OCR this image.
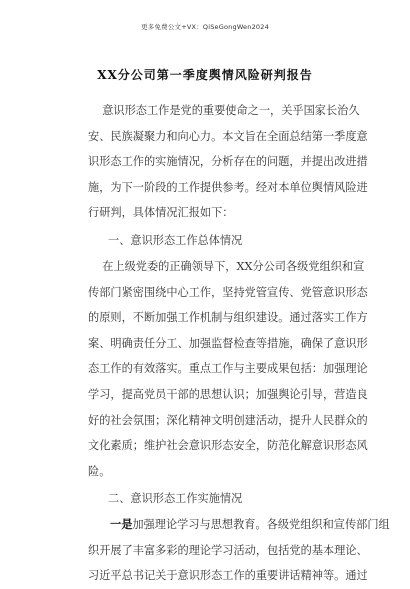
更多免费公文+VX：QiSeGongWen2024
XX分公司第一季度舆情风险研判报告
意识形态工作是党的重要使命之一，关乎国家长治久
安、民族凝聚力和向心力。本文旨在全面总结第一季度意
识形态工作的实施情况，分析存在的问题，并提出改进措
施，为下一阶段的工作提供参考。经对本单位舆情风险进
行研判，具体情况汇报如下：
一、意识形态工作总体情况
在上级党委的正确领导下，XX分公司各级党组织和宣
传部门紧密围绕中心工作，坚持党管宣传、党管意识形态
的原则，不断加强工作机制与组织建设。通过落实工作方
案、明确责任分工、加强监督检查等措施，确保了意识形
态工作的有效落实。重点工作与主要成果包括：加强理论
学习，提高党员干部的思想认识；加强舆论引导，营造良
好的社会氛围；深化精神文明创建活动，提升人民群众的
文化素质；维护社会意识形态安全，防范化解意识形态风
险。
二、意识形态工作实施情况
一是加强理论学习与思想教育。各级党组织和宣传部门组
织开展了丰富多彩的理论学习活动，包括党的基本理论、
习近平总书记关于意识形态工作的重要讲话精神等。通过
